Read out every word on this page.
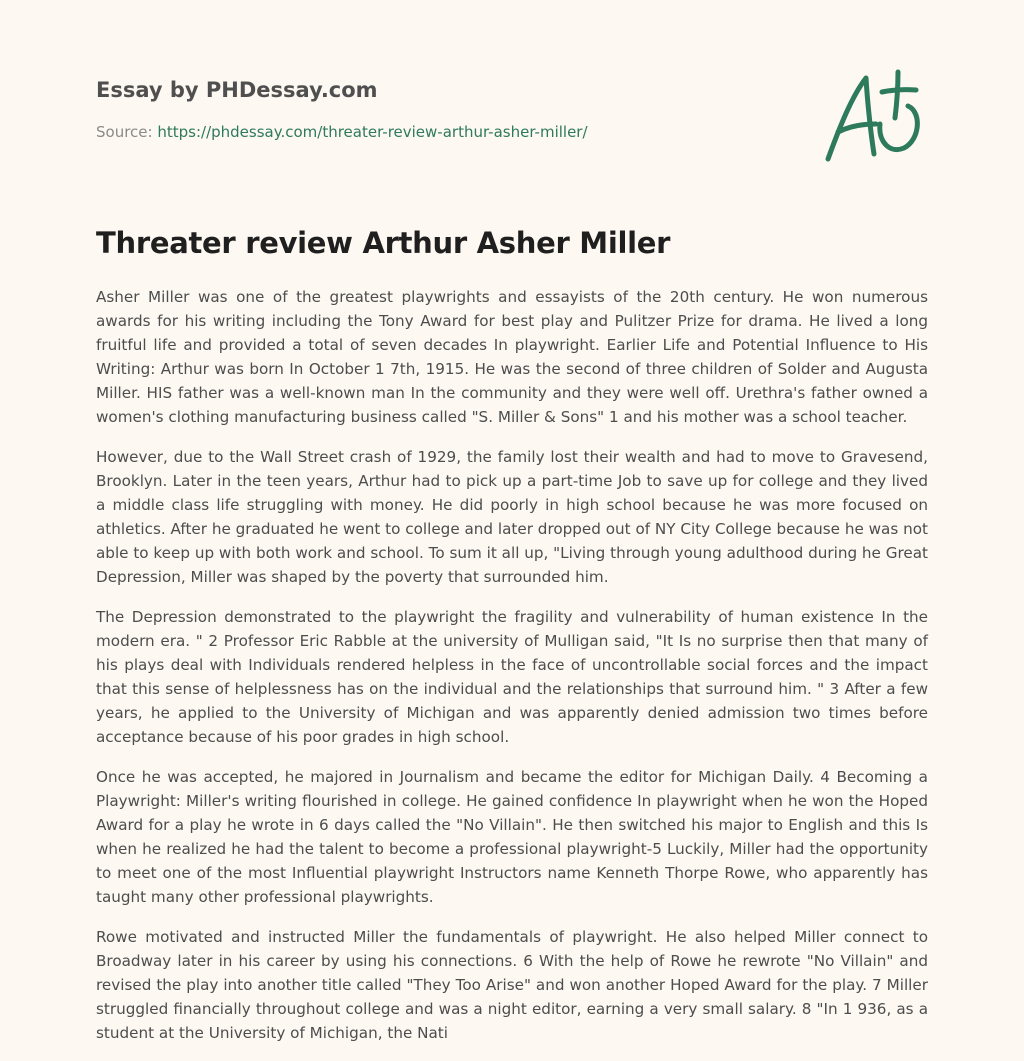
Essay by PHDessay.com
Source: https://phdessay.com/threater-review-arthur-asher-miller/
Threater review Arthur Asher Miller

Asher Miller was one of the greatest playwrights and essayists of the 20th century. He won numerous awards for his writing including the Tony Award for best play and Pulitzer Prize for drama. He lived a long fruitful life and provided a total of seven decades In playwright. Earlier Life and Potential Influence to His Writing: Arthur was born In October 1 7th, 1915. He was the second of three children of Solder and Augusta Miller. HIS father was a well-known man In the community and they were well off. Urethra's father owned a women's clothing manufacturing business called "S. Miller & Sons" 1 and his mother was a school teacher.

However, due to the Wall Street crash of 1929, the family lost their wealth and had to move to Gravesend, Brooklyn. Later in the teen years, Arthur had to pick up a part-time Job to save up for college and they lived a middle class life struggling with money. He did poorly in high school because he was more focused on athletics. After he graduated he went to college and later dropped out of NY City College because he was not able to keep up with both work and school. To sum it all up, "Living through young adulthood during he Great Depression, Miller was shaped by the poverty that surrounded him.

The Depression demonstrated to the playwright the fragility and vulnerability of human existence In the modern era. " 2 Professor Eric Rabble at the university of Mulligan said, "It Is no surprise then that many of his plays deal with Individuals rendered helpless in the face of uncontrollable social forces and the impact that this sense of helplessness has on the individual and the relationships that surround him. " 3 After a few years, he applied to the University of Michigan and was apparently denied admission two times before acceptance because of his poor grades in high school.

Once he was accepted, he majored in Journalism and became the editor for Michigan Daily. 4 Becoming a Playwright: Miller's writing flourished in college. He gained confidence In playwright when he won the Hoped Award for a play he wrote in 6 days called the "No Villain". He then switched his major to English and this Is when he realized he had the talent to become a professional playwright-5 Luckily, Miller had the opportunity to meet one of the most Influential playwright Instructors name Kenneth Thorpe Rowe, who apparently has taught many other professional playwrights.

Rowe motivated and instructed Miller the fundamentals of playwright. He also helped Miller connect to Broadway later in his career by using his connections. 6 With the help of Rowe he rewrote "No Villain" and revised the play into another title called "They Too Arise" and won another Hoped Award for the play. 7 Miller struggled financially throughout college and was a night editor, earning a very small salary. 8 "In 1 936, as a student at the University of Michigan, the Nati
